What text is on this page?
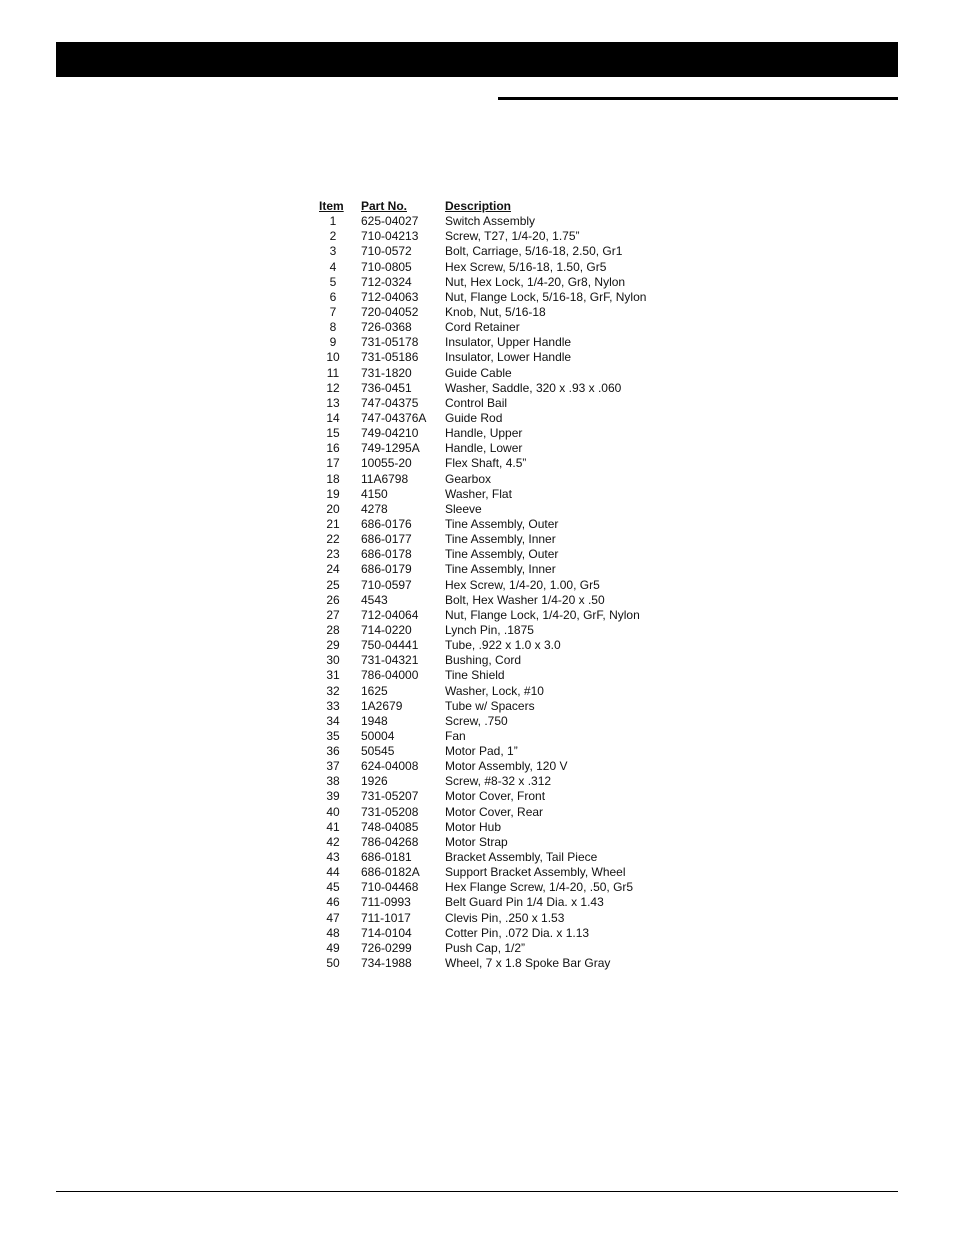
Item	Part No.	Description
1	625-04027	Switch Assembly
2	710-04213	Screw, T27, 1/4-20, 1.75”
3	710-0572	Bolt, Carriage, 5/16-18, 2.50, Gr1
4	710-0805	Hex Screw, 5/16-18, 1.50, Gr5
5	712-0324	Nut, Hex Lock, 1/4-20, Gr8, Nylon
6	712-04063	Nut, Flange Lock, 5/16-18, GrF, Nylon
7	720-04052	Knob, Nut, 5/16-18
8	726-0368	Cord Retainer
9	731-05178	Insulator, Upper Handle
10	731-05186	Insulator, Lower Handle
11	731-1820	Guide Cable
12	736-0451	Washer, Saddle, 320 x .93 x .060
13	747-04375	Control Bail
14	747-04376A	Guide Rod
15	749-04210	Handle, Upper
16	749-1295A	Handle, Lower
17	10055-20	Flex Shaft, 4.5”
18	11A6798	Gearbox
19	4150	Washer, Flat
20	4278	Sleeve
21	686-0176	Tine Assembly, Outer
22	686-0177	Tine Assembly, Inner
23	686-0178	Tine Assembly, Outer
24	686-0179	Tine Assembly, Inner
25	710-0597	Hex Screw, 1/4-20, 1.00, Gr5
26	4543	Bolt, Hex Washer 1/4-20 x .50
27	712-04064	Nut, Flange Lock, 1/4-20, GrF, Nylon
28	714-0220	Lynch Pin, .1875
29	750-04441	Tube, .922 x 1.0 x 3.0
30	731-04321	Bushing, Cord
31	786-04000	Tine Shield
32	1625	Washer, Lock, #10
33	1A2679	Tube w/ Spacers
34	1948	Screw, .750
35	50004	Fan
36	50545	Motor Pad, 1”
37	624-04008	Motor Assembly, 120 V
38	1926	Screw, #8-32 x .312
39	731-05207	Motor Cover, Front
40	731-05208	Motor Cover, Rear
41	748-04085	Motor Hub
42	786-04268	Motor Strap
43	686-0181	Bracket Assembly, Tail Piece
44	686-0182A	Support Bracket Assembly, Wheel
45	710-04468	Hex Flange Screw, 1/4-20, .50, Gr5
46	711-0993	Belt Guard Pin 1/4 Dia. x 1.43
47	711-1017	Clevis Pin, .250 x 1.53
48	714-0104	Cotter Pin, .072 Dia. x 1.13
49	726-0299	Push Cap, 1/2”
50	734-1988	Wheel, 7 x 1.8 Spoke Bar Gray
